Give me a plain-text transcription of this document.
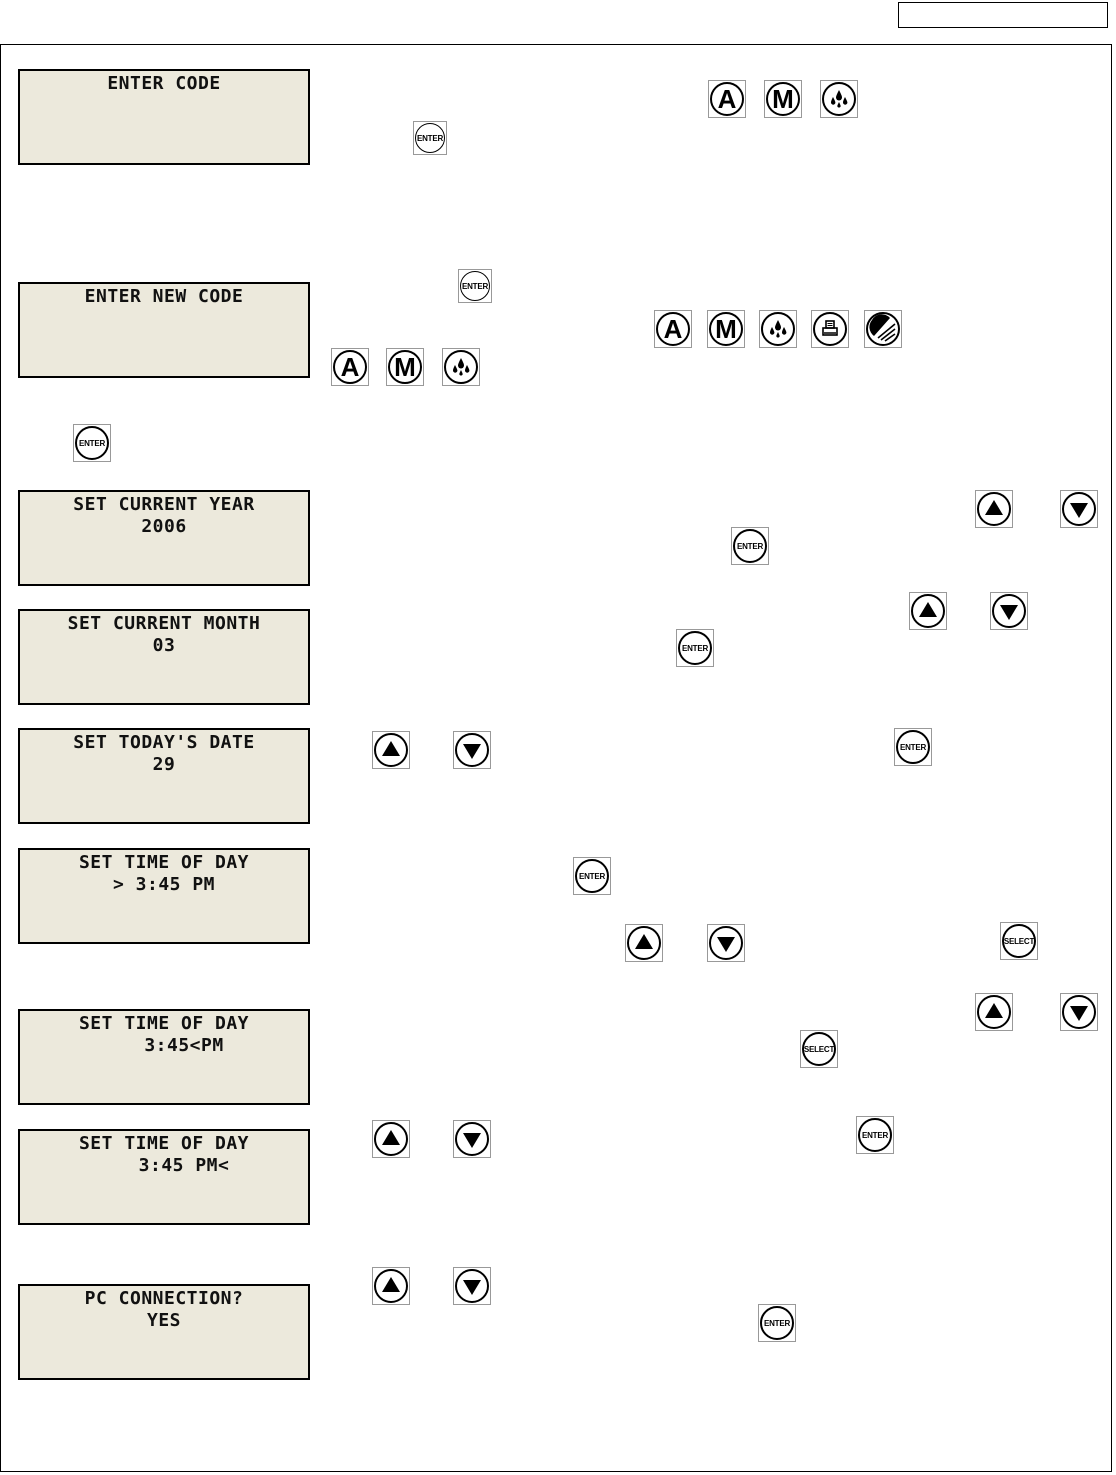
ENTER CODE
ENTER NEW CODE
SET CURRENT YEAR
2006
SET CURRENT MONTH
03
SET TODAY'S DATE
29
SET TIME OF DAY
> 3:45 PM
SET TIME OF DAY
3:45<PM
SET TIME OF DAY
3:45 PM<
PC CONNECTION?
YES
A M
ENTER
ENTER
A M
A M
ENTER
ENTER
ENTER
ENTER
ENTER
SELECT
SELECT
ENTER
ENTER
